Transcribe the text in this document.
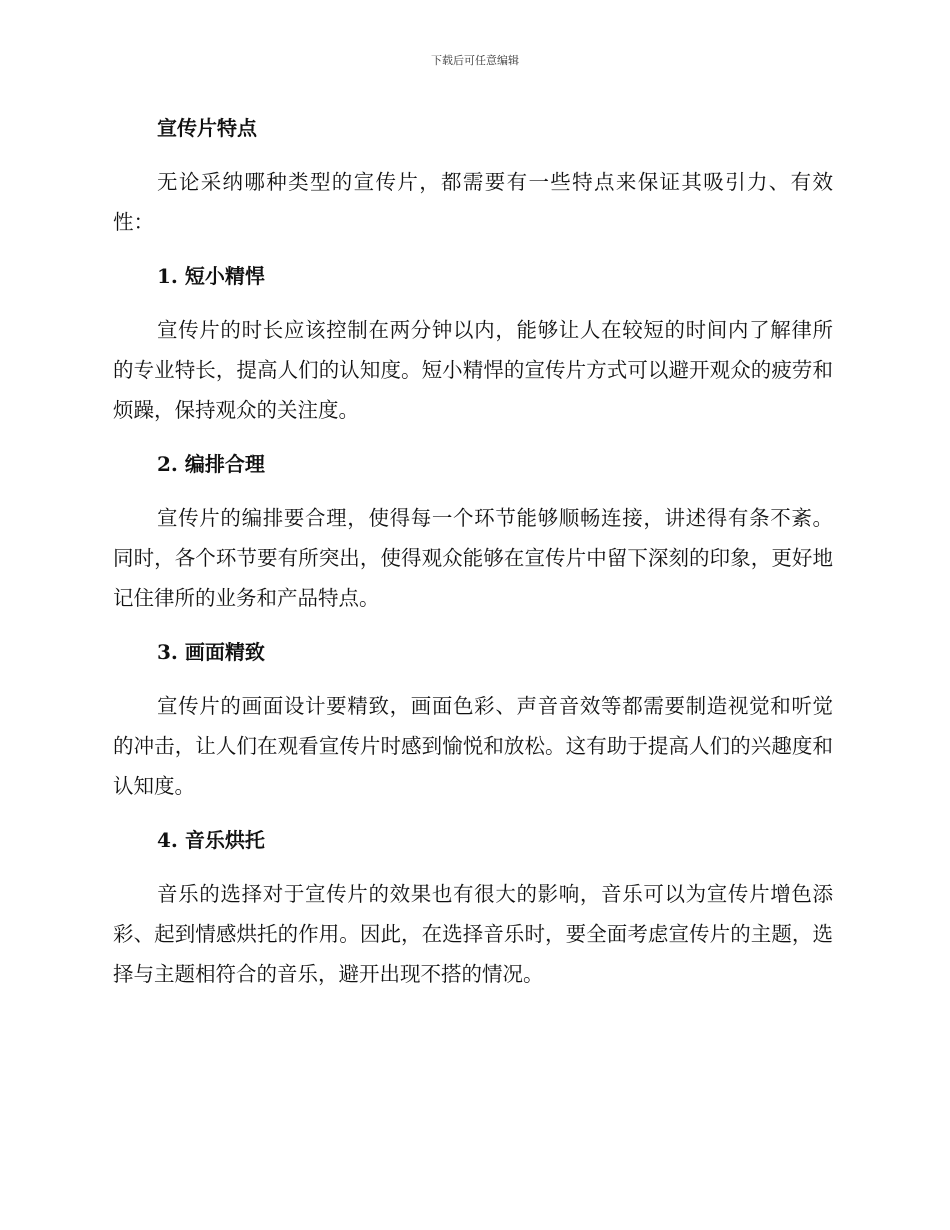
下载后可任意编辑
宣传片特点

无论采纳哪种类型的宣传片，都需要有一些特点来保证其吸引力、有效性：

1. 短小精悍

宣传片的时长应该控制在两分钟以内，能够让人在较短的时间内了解律所的专业特长，提高人们的认知度。短小精悍的宣传片方式可以避开观众的疲劳和烦躁，保持观众的关注度。

2. 编排合理

宣传片的编排要合理，使得每一个环节能够顺畅连接，讲述得有条不紊。同时，各个环节要有所突出，使得观众能够在宣传片中留下深刻的印象，更好地记住律所的业务和产品特点。

3. 画面精致

宣传片的画面设计要精致，画面色彩、声音音效等都需要制造视觉和听觉的冲击，让人们在观看宣传片时感到愉悦和放松。这有助于提高人们的兴趣度和认知度。

4. 音乐烘托

音乐的选择对于宣传片的效果也有很大的影响，音乐可以为宣传片增色添彩、起到情感烘托的作用。因此，在选择音乐时，要全面考虑宣传片的主题，选择与主题相符合的音乐，避开出现不搭的情况。
